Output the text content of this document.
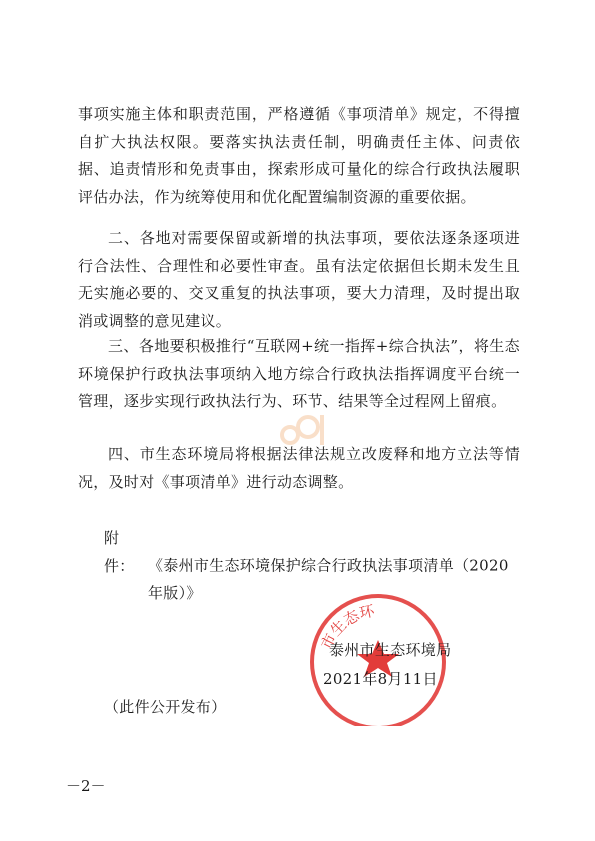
事项实施主体和职责范围，严格遵循《事项清单》规定，不得擅自扩大执法权限。要落实执法责任制，明确责任主体、问责依据、追责情形和免责事由，探索形成可量化的综合行政执法履职评估办法，作为统筹使用和优化配置编制资源的重要依据。

二、各地对需要保留或新增的执法事项，要依法逐条逐项进行合法性、合理性和必要性审查。虽有法定依据但长期未发生且无实施必要的、交叉重复的执法事项，要大力清理，及时提出取消或调整的意见建议。

三、各地要积极推行“互联网+统一指挥+综合执法”，将生态环境保护行政执法事项纳入地方综合行政执法指挥调度平台统一管理，逐步实现行政执法行为、环节、结果等全过程网上留痕。

四、市生态环境局将根据法律法规立改废释和地方立法等情况，及时对《事项清单》进行动态调整。

附件： 《泰州市生态环境保护综合行政执法事项清单（2020
年版）》
市生态环
泰州市生态环境局
2021年8月11日
（此件公开发布）
－2－
